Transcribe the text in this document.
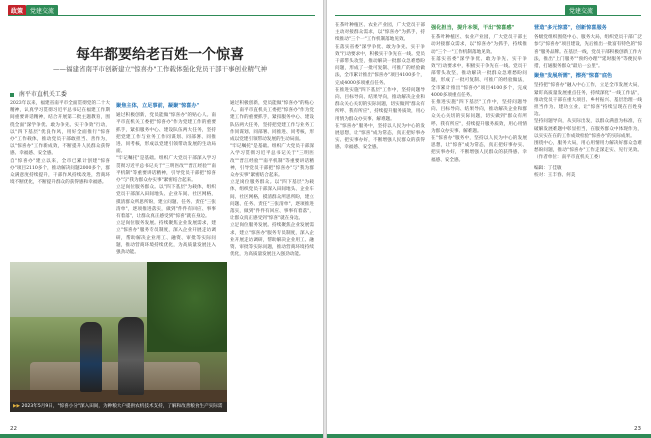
政策	党建交流
每年都要给老百姓一个惊喜
——福建省南平市创新建立"惊喜办"工作载体强化党员干部干事创业精气神
南平市直机关工委
2023年以来，福建省南平市全面贯彻党的二十大精神，认真学习贯彻习近平总书记在福建工作期间重要讲话精神，结合开展第二批主题教育，围绕全面"深学争优、敢为争先、实干争效"行动，以"四下基层"优良作风，用好全面推行"惊喜办"工作载体，推动党员干部敢担当、善作为，以"惊喜办"工作新成效，不断提升人民群众获得感、幸福感、安全感。
自"惊喜办"建立以来，全市已累计创建"惊喜办"项目2110多个，推动解决问题2000多个，群众满意度持续提升，干部作风持续改进，营商环境不断优化，不断提升群众的获得感和幸福感。
聚焦主体，立足事前，凝聚"惊喜办"
通过积极创新，党员能做"惊喜办"的贴心人。南平市直机关工委把"惊喜办"作为党建工作的重要抓手，紧扣服务中心、建设队伍两大任务，坚持把党建工作与业务工作同谋划、同部署、同推进、同考核，形成以党建引领带动发展的生动局面。
"牢记嘱托"是基础。组织广大党员干部深入学习贯彻习近平总书记关于"三明医改""晋江经验""南平机制"等重要讲话精神，引导党员干部把"惊喜办"与"我为群众办实事"紧密结合起来。
立足岗位服务群众。以"四下基层"为载体，组织党员干部深入田间地头、企业车间、社区网格，摸清群众所思所盼，建立问题、任务、责任"三张清单"，逐项推进落实，做到"件件有回应、事事有着落"，让群众真正感受到"惊喜"就在身边。
立足岗位服务发展。持续聚焦企业发展需求，建立"惊喜办"服务专员制度，深入企业开展走访调研，帮助解决企业用工、融资、审批等实际问题，推动营商环境持续优化，为高质量发展注入强劲动能。
通过积极创新，党员能做"惊喜办"的贴心人。南平市直机关工委把"惊喜办"作为党建工作的重要抓手，紧扣服务中心、建设队伍两大任务，坚持把党建工作与业务工作同谋划、同部署、同推进、同考核，形成以党建引领带动发展的生动局面。
"牢记嘱托"是基础。组织广大党员干部深入学习贯彻习近平总书记关于"三明医改""晋江经验""南平机制"等重要讲话精神，引导党员干部把"惊喜办"与"我为群众办实事"紧密结合起来。
立足岗位服务群众。以"四下基层"为载体，组织党员干部深入田间地头、企业车间、社区网格，摸清群众所思所盼，建立问题、任务、责任"三张清单"，逐项推进落实，做到"件件有回应、事事有着落"，让群众真正感受到"惊喜"就在身边。
立足岗位服务发展。持续聚焦企业发展需求，建立"惊喜办"服务专员制度，深入企业开展走访调研，帮助解决企业用工、融资、审批等实际问题，推动营商环境持续优化，为高质量发展注入强劲动能。
▶▶ 2023年5月9日，"惊喜小分"深入田间，为种粮大户提供农机技术支持，了解和改善粮食生产实际需求。
22
党建交流
在茶叶种植区、农业产业园，广大党员干部主动对接群众需求，以"惊喜办"为抓手，持续推动"三个一"工作机制落地见效。
在落实省委"深学争优、敢为争先、实干争效"行动要求中，积极实干争先在一线。党员干部带头攻坚，推动解决一批群众急难愁盼问题，形成了一批可复制、可推广的经验做法，全市累计推出"惊喜办"项目4100多个，完成4000多项重点任务。
在推进实施"四下基层"工作中，坚持问题导向、目标导向、结果导向，推动解决企业和群众关心关切的实际问题，切实做到"群众有所呼、我有所应"，持续提升服务质效，用心用情为群众办实事、解难题。
在"惊喜办"服务中，坚持以人民为中心的发展思想，让"惊喜"成为常态，真正把好事办实、把实事办好，不断增强人民群众的获得感、幸福感、安全感。
强化担当，提升本领，干出"惊喜感"
在茶叶种植区、农业产业园，广大党员干部主动对接群众需求，以"惊喜办"为抓手，持续推动"三个一"工作机制落地见效。
在落实省委"深学争优、敢为争先、实干争效"行动要求中，积极实干争先在一线。党员干部带头攻坚，推动解决一批群众急难愁盼问题，形成了一批可复制、可推广的经验做法，全市累计推出"惊喜办"项目4100多个，完成4000多项重点任务。
在推进实施"四下基层"工作中，坚持问题导向、目标导向、结果导向，推动解决企业和群众关心关切的实际问题，切实做到"群众有所呼、我有所应"，持续提升服务质效，用心用情为群众办实事、解难题。
在"惊喜办"服务中，坚持以人民为中心的发展思想，让"惊喜"成为常态，真正把好事办实、把实事办好，不断增强人民群众的获得感、幸福感、安全感。
营造"多元惊喜"，创新惊喜服务
各级党组织围绕中心、服务大局，组织党员干部广泛参与"惊喜办"项目建设，先后推出一批富有特色的"惊喜"服务品牌。在基层一线，党员干部积极创新工作方法，推出"上门服务""预约办理""延时服务"等便民举措，打通服务群众"最后一公里"。
聚焦"发展所需"，擦亮"惊喜"底色
坚持把"惊喜办"融入中心工作，立足全市发展大局，紧盯高质量发展重点任务，持续深化"一线工作法"，推动党员干部在重大项目、乡村振兴、基层治理一线担当作为、建功立业，让"惊喜"持续呈现在百姓身边。
坚持问题导向，从实际出发，以群众满意为标准，在破解发展难题中彰显担当，在服务群众中体现作为，以实实在在的工作成效检验"惊喜办"的实际成果。
围绕中心，服务大局，用心用情用力解决好群众急难愁盼问题，推动"惊喜办"工作走深走实、见行见效。（作者单位：南平市直机关工委）
编辑：丁佳敏
校对：王丰春、何美
23
